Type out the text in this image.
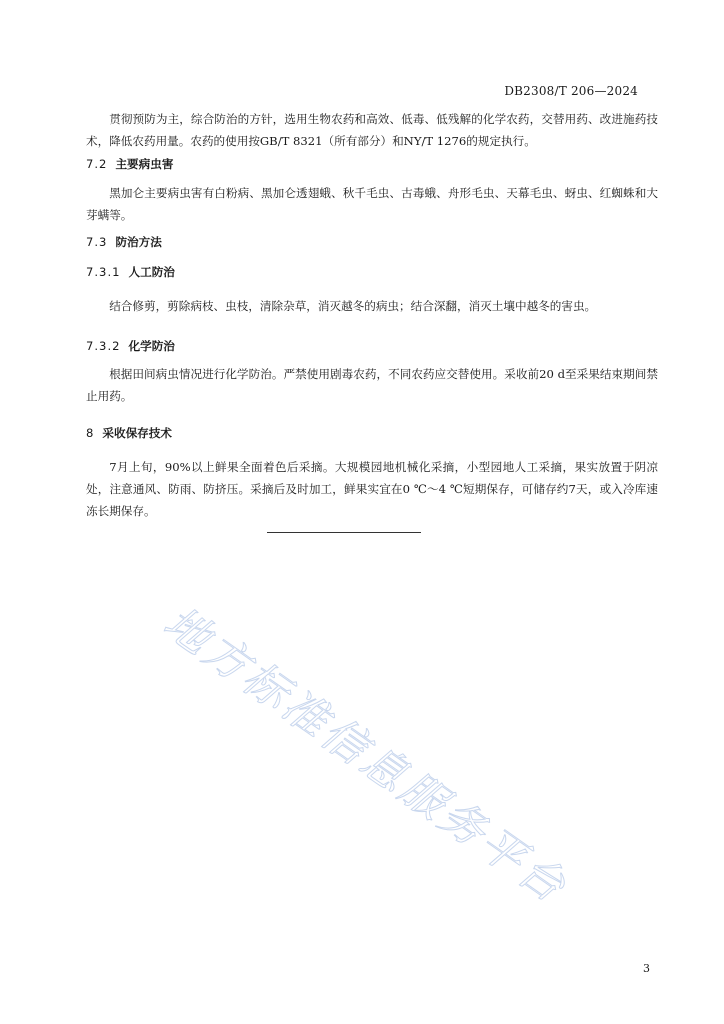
DB2308/T 206—2024

贯彻预防为主，综合防治的方针，选用生物农药和高效、低毒、低残解的化学农药，交替用药、改进施药技术，降低农药用量。农药的使用按GB/T 8321（所有部分）和NY/T 1276的规定执行。

7.2 主要病虫害

黑加仑主要病虫害有白粉病、黑加仑透翅蛾、秋千毛虫、古毒蛾、舟形毛虫、天幕毛虫、蚜虫、红蜘蛛和大芽螨等。

7.3 防治方法
7.3.1 人工防治

结合修剪，剪除病枝、虫枝，清除杂草，消灭越冬的病虫；结合深翻，消灭土壤中越冬的害虫。

7.3.2 化学防治

根据田间病虫情况进行化学防治。严禁使用剧毒农药，不同农药应交替使用。采收前20 d至采果结束期间禁止用药。

8 采收保存技术

7月上旬，90%以上鲜果全面着色后采摘。大规模园地机械化采摘，小型园地人工采摘，果实放置于阴凉处，注意通风、防雨、防挤压。采摘后及时加工，鲜果实宜在0 ℃～4 ℃短期保存，可储存约7天，或入冷库速冻长期保存。

地方标准信息服务平台
3
